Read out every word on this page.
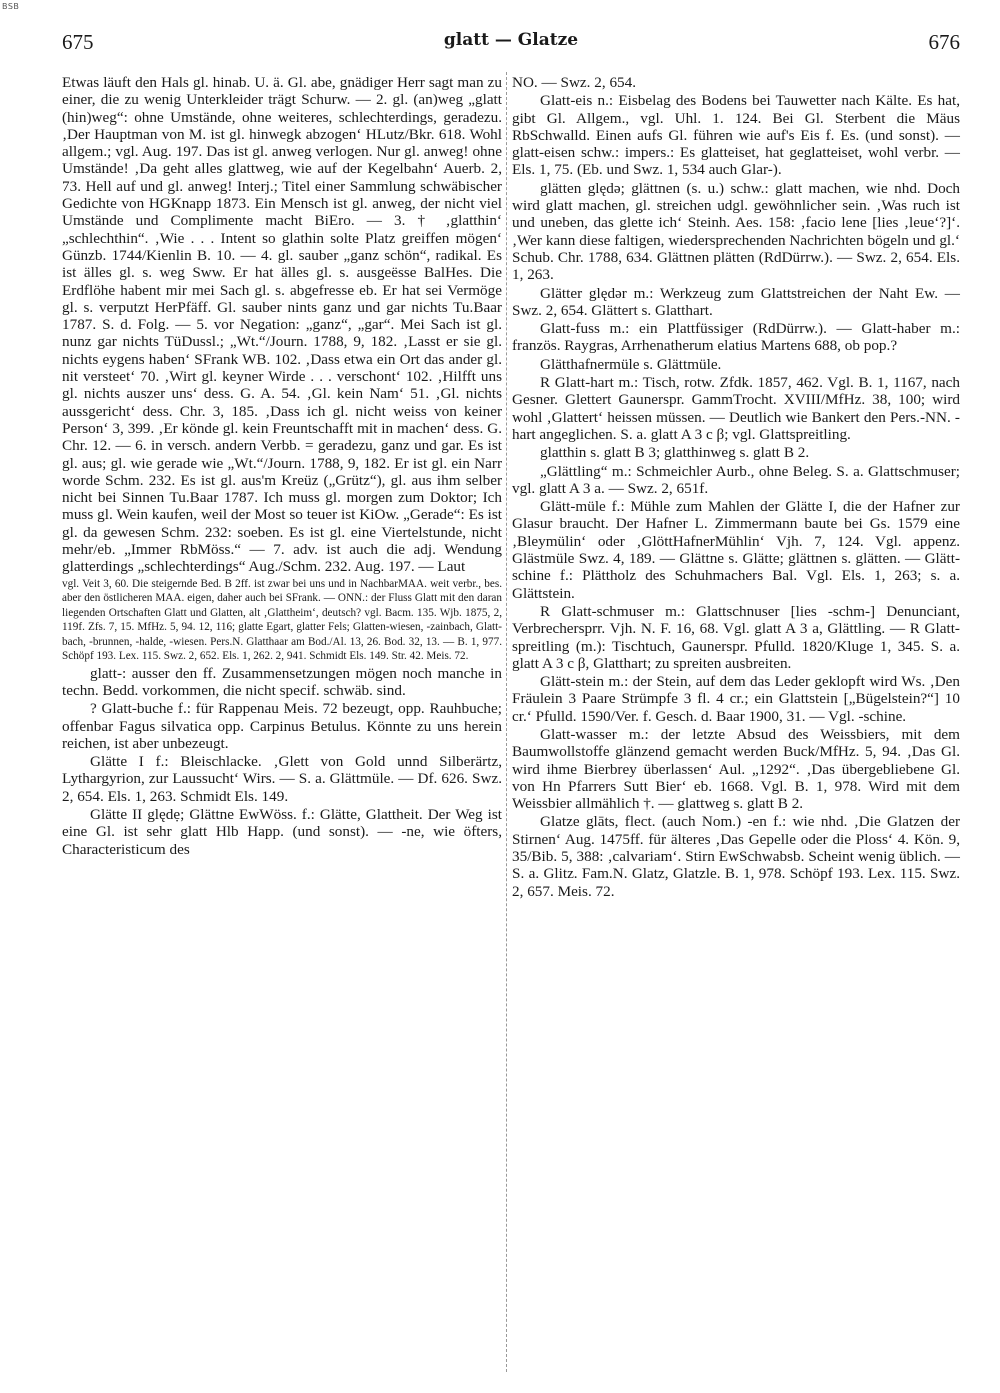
BSB
675	glatt — Glatze	676

Etwas läuft den Hals gl. hinab. U. ä. Gl. abe, gnädiger Herr sagt man zu einer, die zu wenig Unterkleider trägt Schurw. — 2. gl. (an)weg „glatt (hin)weg“: ohne Umstände, ohne weiteres, schlechterdings, geradezu. ‚Der Hauptman von M. ist gl. hinwegk abzogen‘ HLutz/Bkr. 618. Wohl allgem.; vgl. Aug. 197. Das ist gl. anweg verlogen. Nur gl. anweg! ohne Umstände! ‚Da geht alles glattweg, wie auf der Kegelbahn‘ Auerb. 2, 73. Hell auf und gl. anweg! Interj.; Titel einer Sammlung schwäbischer Gedichte von HGKnapp 1873. Ein Mensch ist gl. anweg, der nicht viel Umstände und Complimente macht BiEro. — 3. † ‚glatthin‘ „schlechthin“. ‚Wie . . . Intent so glathin solte Platz greiffen mögen‘ Günzb. 1744/Kienlin B. 10. — 4. gl. sauber „ganz schön“, radikal. Es ist älles gl. s. weg Sww. Er hat älles gl. s. ausgeësse BalHes. Die Erdflöhe habent mir mei Sach gl. s. abgefresse eb. Er hat sei Vermöge gl. s. verputzt HerPfäff. Gl. sauber nints ganz und gar nichts Tu.Baar 1787. S. d. Folg. — 5. vor Negation: „ganz“, „gar“. Mei Sach ist gl. nunz gar nichts TüDussl.; „Wt.“/Journ. 1788, 9, 182. ‚Lasst er sie gl. nichts eygens haben‘ SFrank WB. 102. ‚Dass etwa ein Ort das ander gl. nit versteet‘ 70. ‚Wirt gl. keyner Wirde . . . verschont‘ 102. ‚Hilfft uns gl. nichts auszer uns‘ dess. G. A. 54. ‚Gl. kein Nam‘ 51. ‚Gl. nichts aussgericht‘ dess. Chr. 3, 185. ‚Dass ich gl. nicht weiss von keiner Person‘ 3, 399. ‚Er könde gl. kein Freuntschafft mit in machen‘ dess. G. Chr. 12. — 6. in versch. andern Verbb. = geradezu, ganz und gar. Es ist gl. aus; gl. wie gerade wie „Wt.“/Journ. 1788, 9, 182. Er ist gl. ein Narr worde Schm. 232. Es ist gl. aus'm Kreüz („Grütz“), gl. aus ihm selber nicht bei Sinnen Tu.Baar 1787. Ich muss gl. morgen zum Doktor; Ich muss gl. Wein kaufen, weil der Most so teuer ist KiOw. „Gerade“: Es ist gl. da gewesen Schm. 232: soeben. Es ist gl. eine Viertelstunde, nicht mehr/eb. „Immer RbMöss.“ — 7. adv. ist auch die adj. Wendung glatterdings „schlechterdings“ Aug./Schm. 232. Aug. 197. — Laut

vgl. Veit 3, 60. Die steigernde Bed. B 2ff. ist zwar bei uns und in NachbarMAA. weit verbr., bes. aber den östlicheren MAA. eigen, daher auch bei SFrank. — ONN.: der Fluss Glatt mit den daran liegenden Ortschaften Glatt und Glatten, alt ‚Glattheim‘, deutsch? vgl. Bacm. 135. Wjb. 1875, 2, 119f. Zfs. 7, 15. MfHz. 5, 94. 12, 116; glatte Egart, glatter Fels; Glatten-wiesen, -zainbach, Glatt-bach, -brunnen, -halde, -wiesen. Pers.N. Glatthaar am Bod./Al. 13, 26. Bod. 32, 13. — B. 1, 977. Schöpf 193. Lex. 115. Swz. 2, 652. Els. 1, 262. 2, 941. Schmidt Els. 149. Str. 42. Meis. 72.

glatt-: ausser den ff. Zusammensetzungen mögen noch manche in techn. Bedd. vorkommen, die nicht specif. schwäb. sind.

? Glatt-buche f.: für Rappenau Meis. 72 bezeugt, opp. Rauhbuche; offenbar Fagus silvatica opp. Carpinus Betulus. Könnte zu uns herein reichen, ist aber unbezeugt.

Glätte I f.: Bleischlacke. ‚Glett von Gold unnd Silberärtz, Lythargyrion, zur Laussucht‘ Wirs. — S. a. Glättmüle. — Df. 626. Swz. 2, 654. Els. 1, 263. Schmidt Els. 149.

Glätte II ględẹ; Glättne EwWöss. f.: Glätte, Glattheit. Der Weg ist eine Gl. ist sehr glatt Hlb Happ. (und sonst). — -ne, wie öfters, Characteristicum des

NO. — Swz. 2, 654.

Glatt-eis n.: Eisbelag des Bodens bei Tauwetter nach Kälte. Es hat, gibt Gl. Allgem., vgl. Uhl. 1. 124. Bei Gl. Sterbent die Mäus RbSchwalld. Einen aufs Gl. führen wie auf's Eis f. Es. (und sonst). — glatt-eisen schw.: impers.: Es glatteiset, hat geglatteiset, wohl verbr. — Els. 1, 75. (Eb. und Swz. 1, 534 auch Glar-).

glätten ględə; glättnen (s. u.) schw.: glatt machen, wie nhd. Doch wird glatt machen, gl. streichen udgl. gewöhnlicher sein. ‚Was ruch ist und uneben, das glette ich‘ Steinh. Aes. 158: ‚facio lene [lies ‚leue‘?]‘. ‚Wer kann diese faltigen, wiedersprechenden Nachrichten bögeln und gl.‘ Schub. Chr. 1788, 634. Glättnen plätten (RdDürrw.). — Swz. 2, 654. Els. 1, 263.

Glätter ględər m.: Werkzeug zum Glattstreichen der Naht Ew. — Swz. 2, 654. Glättert s. Glatthart.

Glatt-fuss m.: ein Plattfüssiger (RdDürrw.). — Glatt-haber m.: französ. Raygras, Arrhenatherum elatius Martens 688, ob pop.?

Glätthafnermüle s. Glättmüle.

R Glatt-hart m.: Tisch, rotw. Zfdk. 1857, 462. Vgl. B. 1, 1167, nach Gesner. Glettert Gaunerspr. GammTrocht. XVIII/MfHz. 38, 100; wird wohl ‚Glattert‘ heissen müssen. — Deutlich wie Bankert den Pers.-NN. -hart angeglichen. S. a. glatt A 3 c β; vgl. Glattspreitling.

glatthin s. glatt B 3; glatthinweg s. glatt B 2.

„Glättling“ m.: Schmeichler Aurb., ohne Beleg. S. a. Glattschmuser; vgl. glatt A 3 a. — Swz. 2, 651f.

Glätt-müle f.: Mühle zum Mahlen der Glätte I, die der Hafner zur Glasur braucht. Der Hafner L. Zimmermann baute bei Gs. 1579 eine ‚Bleymülin‘ oder ‚GlöttHafnerMühlin‘ Vjh. 7, 124. Vgl. appenz. Glästmüle Swz. 4, 189. — Glättne s. Glätte; glättnen s. glätten. — Glätt-schine f.: Plättholz des Schuhmachers Bal. Vgl. Els. 1, 263; s. a. Glättstein.

R Glatt-schmuser m.: Glattschnuser [lies -schm-] Denunciant, Verbrechersprr. Vjh. N. F. 16, 68. Vgl. glatt A 3 a, Glättling. — R Glatt-spreitling (m.): Tischtuch, Gaunerspr. Pfulld. 1820/Kluge 1, 345. S. a. glatt A 3 c β, Glatthart; zu spreiten ausbreiten.

Glätt-stein m.: der Stein, auf dem das Leder geklopft wird Ws. ‚Den Fräulein 3 Paare Strümpfe 3 fl. 4 cr.; ein Glattstein [„Bügelstein?“] 10 cr.‘ Pfulld. 1590/Ver. f. Gesch. d. Baar 1900, 31. — Vgl. -schine.

Glatt-wasser m.: der letzte Absud des Weissbiers, mit dem Baumwollstoffe glänzend gemacht werden Buck/MfHz. 5, 94. ‚Das Gl. wird ihme Bierbrey überlassen‘ Aul. „1292“. ‚Das übergebliebene Gl. von Hn Pfarrers Sutt Bier‘ eb. 1668. Vgl. B. 1, 978. Wird mit dem Weissbier allmählich †. — glattweg s. glatt B 2.

Glatze glāts, flect. (auch Nom.) -en f.: wie nhd. ‚Die Glatzen der Stirnen‘ Aug. 1475ff. für älteres ‚Das Gepelle oder die Ploss‘ 4. Kön. 9, 35/Bib. 5, 388: ‚calvariam‘. Stirn EwSchwabsb. Scheint wenig üblich. — S. a. Glitz. Fam.N. Glatz, Glatzle. B. 1, 978. Schöpf 193. Lex. 115. Swz. 2, 657. Meis. 72.
